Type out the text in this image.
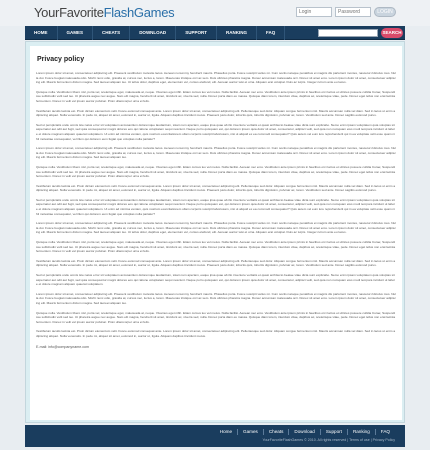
YourFavoriteFlashGames
Login
Password	LOGIN
HOME	GAMES	CHEATS	DOWNLOAD	SUPPORT	RANKING	FAQ	SEARCH
Privacy policy

Lorem ipsum dolor sit amet, consectetuer adipiscing elit. Praesent vestibulum molestie lacus. Aenean nonummy hendrerit mauris. Phasellus porta. Fusce suscipit varius mi. Cum sociis natoque penatibus et magnis dis parturient montes, nascetur ridiculus mus. Nulla dui. Fusce feugiat malesuada odio. Morbi nunc odio, gravida at, cursus nec, luctus a, lorem. Maecenas tristique orci ac sem. Duis ultricies pharetra magna. Donec accumsan malesuada orci. Donec sit amet eros. Lorem ipsum dolor sit amet, consectetuer adipiscing elit. Mauris fermentum dictum magna. Sed laoreet aliquam leo. Ut tellus dolor, dapibus eget, elementum vel, cursus eleifend, elit. Aenean auctor wisi et urna. Aliquam erat volutpat. Duis ac turpis. Integer rutrum ante eu lacus.

Quisque nulla. Vestibulum libero nisl, porta vel, scelerisque eget, malesuada at, neque. Vivamus eget nibh. Etiam cursus leo vel metus. Nulla facilisi. Aenean nec eros. Vestibulum ante ipsum primis in faucibus orci luctus et ultrices posuere cubilia Curae; Suspendisse sollicitudin velit sed leo. Ut pharetra augue nec augue. Nam elit magna, hendrerit sit amet, tincidunt ac, viverra sed, nulla. Donec porta diam eu massa. Quisque diam lorem, interdum vitae, dapibus ac, scelerisque vitae, pede. Donec eget tellus non erat lacinia fermentum. Donec in velit vel ipsum auctor pulvinar. Proin ullamcorper urna et felis.

Vestibulum iaculis lacinia est. Proin dictum elementum velit. Fusce euismod consequat ante. Lorem ipsum dolor sit amet, consectetuer adipiscing elit. Pellentesque sed dolor. Aliquam congue fermentum nisl. Mauris accumsan nulla vel diam. Sed in lacus ut enim adipiscing aliquet. Nulla venenatis. In pede mi, aliquet sit amet, euismod in, auctor ut, ligula. Aliquam dapibus tincidunt metus. Praesent justo dolor, lobortis quis, lobortis dignissim, pulvinar ac, lorem. Vestibulum sed ante. Donec sagittis euismod purus.

Sed ut perspiciatis unde omnis iste natus error sit voluptatem accusantium doloremque laudantium, totam rem aperiam, eaque ipsa quae ab illo inventore veritatis et quasi architecto beatae vitae dicta sunt explicabo. Nemo enim ipsam voluptatem quia voluptas sit aspernatur aut odit aut fugit, sed quia consequuntur magni dolores eos qui ratione voluptatem sequi nesciunt. Neque porro quisquam est, qui dolorem ipsum quia dolor sit amet, consectetur, adipisci velit, sed quia non numquam eius modi tempora incidunt ut labore et dolore magnam aliquam quaerat voluptatem. Ut enim ad minima veniam, quis nostrum exercitationem ullam corporis suscipit laboriosam, nisi ut aliquid ex ea commodi consequatur? Quis autem vel eum iure reprehenderit qui in ea voluptate velit esse quam nihil molestiae consequatur, vel illum qui dolorem eum fugiat quo voluptas nulla pariatur?

Lorem ipsum dolor sit amet, consectetuer adipiscing elit. Praesent vestibulum molestie lacus. Aenean nonummy hendrerit mauris. Phasellus porta. Fusce suscipit varius mi. Cum sociis natoque penatibus et magnis dis parturient montes, nascetur ridiculus mus. Nulla dui. Fusce feugiat malesuada odio. Morbi nunc odio, gravida at, cursus nec, luctus a, lorem. Maecenas tristique orci ac sem. Duis ultricies pharetra magna. Donec accumsan malesuada orci. Donec sit amet eros. Lorem ipsum dolor sit amet, consectetuer adipiscing elit. Mauris fermentum dictum magna. Sed laoreet aliquam leo.

Quisque nulla. Vestibulum libero nisl, porta vel, scelerisque eget, malesuada at, neque. Vivamus eget nibh. Etiam cursus leo vel metus. Nulla facilisi. Aenean nec eros. Vestibulum ante ipsum primis in faucibus orci luctus et ultrices posuere cubilia Curae; Suspendisse sollicitudin velit sed leo. Ut pharetra augue nec augue. Nam elit magna, hendrerit sit amet, tincidunt ac, viverra sed, nulla. Donec porta diam eu massa. Quisque diam lorem, interdum vitae, dapibus ac, scelerisque vitae, pede. Donec eget tellus non erat lacinia fermentum. Donec in velit vel ipsum auctor pulvinar. Proin ullamcorper urna et felis.

Vestibulum iaculis lacinia est. Proin dictum elementum velit. Fusce euismod consequat ante. Lorem ipsum dolor sit amet, consectetuer adipiscing elit. Pellentesque sed dolor. Aliquam congue fermentum nisl. Mauris accumsan nulla vel diam. Sed in lacus ut enim adipiscing aliquet. Nulla venenatis. In pede mi, aliquet sit amet, euismod in, auctor ut, ligula. Aliquam dapibus tincidunt metus. Praesent justo dolor, lobortis quis, lobortis dignissim, pulvinar ac, lorem. Vestibulum sed ante. Donec sagittis euismod purus.

Sed ut perspiciatis unde omnis iste natus error sit voluptatem accusantium doloremque laudantium, totam rem aperiam, eaque ipsa quae ab illo inventore veritatis et quasi architecto beatae vitae dicta sunt explicabo. Nemo enim ipsam voluptatem quia voluptas sit aspernatur aut odit aut fugit, sed quia consequuntur magni dolores eos qui ratione voluptatem sequi nesciunt. Neque porro quisquam est, qui dolorem ipsum quia dolor sit amet, consectetur, adipisci velit, sed quia non numquam eius modi tempora incidunt ut labore et dolore magnam aliquam quaerat voluptatem. Ut enim ad minima veniam, quis nostrum exercitationem ullam corporis suscipit laboriosam, nisi ut aliquid ex ea commodi consequatur? Quis autem vel eum iure reprehenderit qui in ea voluptate velit esse quam nihil molestiae consequatur, vel illum qui dolorem eum fugiat quo voluptas nulla pariatur?

Lorem ipsum dolor sit amet, consectetuer adipiscing elit. Praesent vestibulum molestie lacus. Aenean nonummy hendrerit mauris. Phasellus porta. Fusce suscipit varius mi. Cum sociis natoque penatibus et magnis dis parturient montes, nascetur ridiculus mus. Nulla dui. Fusce feugiat malesuada odio. Morbi nunc odio, gravida at, cursus nec, luctus a, lorem. Maecenas tristique orci ac sem. Duis ultricies pharetra magna. Donec accumsan malesuada orci. Donec sit amet eros. Lorem ipsum dolor sit amet, consectetuer adipiscing elit. Mauris fermentum dictum magna. Sed laoreet aliquam leo. Ut tellus dolor, dapibus eget, elementum vel, cursus eleifend, elit. Aenean auctor wisi et urna. Aliquam erat volutpat. Duis ac turpis. Integer rutrum ante eu lacus.

Quisque nulla. Vestibulum libero nisl, porta vel, scelerisque eget, malesuada at, neque. Vivamus eget nibh. Etiam cursus leo vel metus. Nulla facilisi. Aenean nec eros. Vestibulum ante ipsum primis in faucibus orci luctus et ultrices posuere cubilia Curae; Suspendisse sollicitudin velit sed leo. Ut pharetra augue nec augue. Nam elit magna, hendrerit sit amet, tincidunt ac, viverra sed, nulla. Donec porta diam eu massa. Quisque diam lorem, interdum vitae, dapibus ac, scelerisque vitae, pede. Donec eget tellus non erat lacinia fermentum. Donec in velit vel ipsum auctor pulvinar. Proin ullamcorper urna et felis.

Vestibulum iaculis lacinia est. Proin dictum elementum velit. Fusce euismod consequat ante. Lorem ipsum dolor sit amet, consectetuer adipiscing elit. Pellentesque sed dolor. Aliquam congue fermentum nisl. Mauris accumsan nulla vel diam. Sed in lacus ut enim adipiscing aliquet. Nulla venenatis. In pede mi, aliquet sit amet, euismod in, auctor ut, ligula. Aliquam dapibus tincidunt metus. Praesent justo dolor, lobortis quis, lobortis dignissim, pulvinar ac, lorem. Vestibulum sed ante. Donec sagittis euismod purus.

Sed ut perspiciatis unde omnis iste natus error sit voluptatem accusantium doloremque laudantium, totam rem aperiam, eaque ipsa quae ab illo inventore veritatis et quasi architecto beatae vitae dicta sunt explicabo. Nemo enim ipsam voluptatem quia voluptas sit aspernatur aut odit aut fugit, sed quia consequuntur magni dolores eos qui ratione voluptatem sequi nesciunt. Neque porro quisquam est, qui dolorem ipsum quia dolor sit amet, consectetur, adipisci velit, sed quia non numquam eius modi tempora incidunt ut labore et dolore magnam aliquam quaerat voluptatem.

Lorem ipsum dolor sit amet, consectetuer adipiscing elit. Praesent vestibulum molestie lacus. Aenean nonummy hendrerit mauris. Phasellus porta. Fusce suscipit varius mi. Cum sociis natoque penatibus et magnis dis parturient montes, nascetur ridiculus mus. Nulla dui. Fusce feugiat malesuada odio. Morbi nunc odio, gravida at, cursus nec, luctus a, lorem. Maecenas tristique orci ac sem. Duis ultricies pharetra magna. Donec accumsan malesuada orci. Donec sit amet eros. Lorem ipsum dolor sit amet, consectetuer adipiscing elit. Mauris fermentum dictum magna. Sed laoreet aliquam leo.

Quisque nulla. Vestibulum libero nisl, porta vel, scelerisque eget, malesuada at, neque. Vivamus eget nibh. Etiam cursus leo vel metus. Nulla facilisi. Aenean nec eros. Vestibulum ante ipsum primis in faucibus orci luctus et ultrices posuere cubilia Curae; Suspendisse sollicitudin velit sed leo. Ut pharetra augue nec augue. Nam elit magna, hendrerit sit amet, tincidunt ac, viverra sed, nulla. Donec porta diam eu massa. Quisque diam lorem, interdum vitae, dapibus ac, scelerisque vitae, pede. Donec eget tellus non erat lacinia fermentum. Donec in velit vel ipsum auctor pulvinar. Proin ullamcorper urna et felis.

Vestibulum iaculis lacinia est. Proin dictum elementum velit. Fusce euismod consequat ante. Lorem ipsum dolor sit amet, consectetuer adipiscing elit. Pellentesque sed dolor. Aliquam congue fermentum nisl. Mauris accumsan nulla vel diam. Sed in lacus ut enim adipiscing aliquet. Nulla venenatis. In pede mi, aliquet sit amet, euismod in, auctor ut, ligula. Aliquam dapibus tincidunt metus.

E-mail: info@companyname.com
Home	Games	Cheats	Download	Support	Ranking	FAQ
YourFavoriteFlashGames © 2010. All rights reserved | Terms of use | Privacy Policy
